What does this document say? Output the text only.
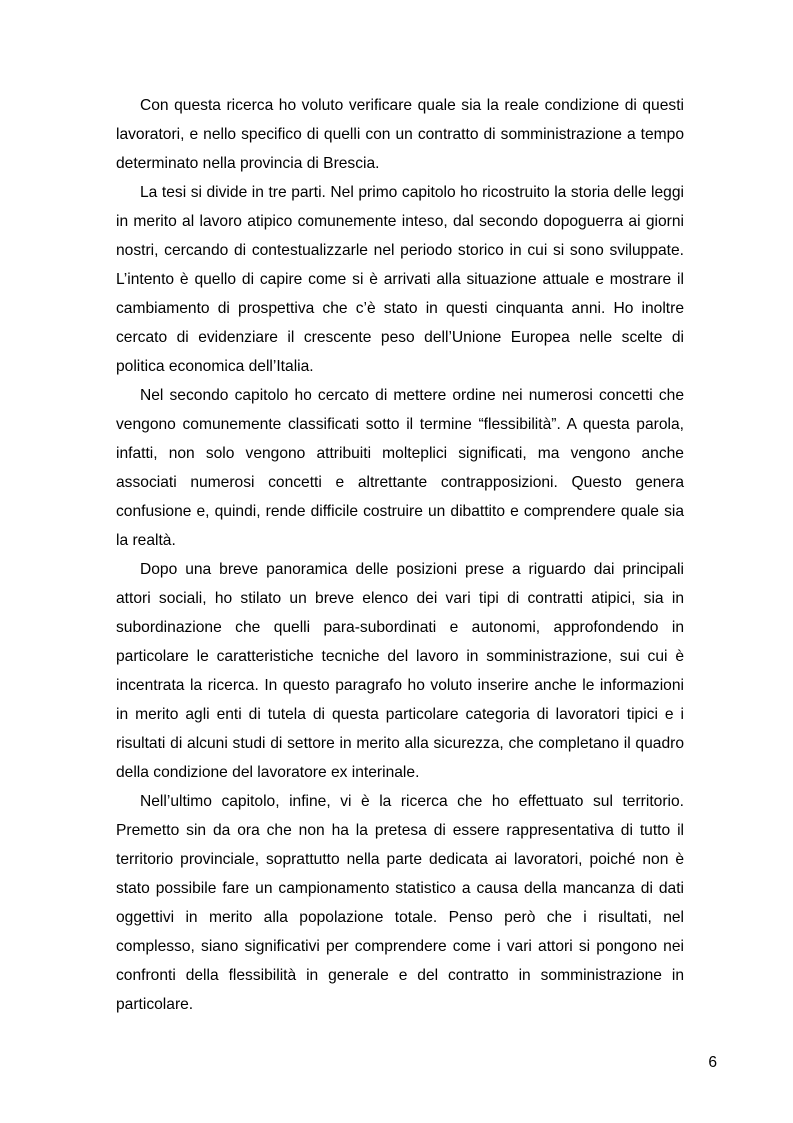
Con questa ricerca ho voluto verificare quale sia la reale condizione di questi lavoratori, e nello specifico di quelli con un contratto di somministrazione a tempo determinato nella provincia di Brescia.

La tesi si divide in tre parti. Nel primo capitolo ho ricostruito la storia delle leggi in merito al lavoro atipico comunemente inteso, dal secondo dopoguerra ai giorni nostri, cercando di contestualizzarle nel periodo storico in cui si sono sviluppate. L’intento è quello di capire come si è arrivati alla situazione attuale e mostrare il cambiamento di prospettiva che c’è stato in questi cinquanta anni. Ho inoltre cercato di evidenziare il crescente peso dell’Unione Europea nelle scelte di politica economica dell’Italia.

Nel secondo capitolo ho cercato di mettere ordine nei numerosi concetti che vengono comunemente classificati sotto il termine “flessibilità”. A questa parola, infatti, non solo vengono attribuiti molteplici significati, ma vengono anche associati numerosi concetti e altrettante contrapposizioni. Questo genera confusione e, quindi, rende difficile costruire un dibattito e comprendere quale sia la realtà.

Dopo una breve panoramica delle posizioni prese a riguardo dai principali attori sociali, ho stilato un breve elenco dei vari tipi di contratti atipici, sia in subordinazione che quelli para-subordinati e autonomi, approfondendo in particolare le caratteristiche tecniche del lavoro in somministrazione, sui cui è incentrata la ricerca. In questo paragrafo ho voluto inserire anche le informazioni in merito agli enti di tutela di questa particolare categoria di lavoratori tipici e i risultati di alcuni studi di settore in merito alla sicurezza, che completano il quadro della condizione del lavoratore ex interinale.

Nell’ultimo capitolo, infine, vi è la ricerca che ho effettuato sul territorio. Premetto sin da ora che non ha la pretesa di essere rappresentativa di tutto il territorio provinciale, soprattutto nella parte dedicata ai lavoratori, poiché non è stato possibile fare un campionamento statistico a causa della mancanza di dati oggettivi in merito alla popolazione totale. Penso però che i risultati, nel complesso, siano significativi per comprendere come i vari attori si pongono nei confronti della flessibilità in generale e del contratto in somministrazione in particolare.

6
